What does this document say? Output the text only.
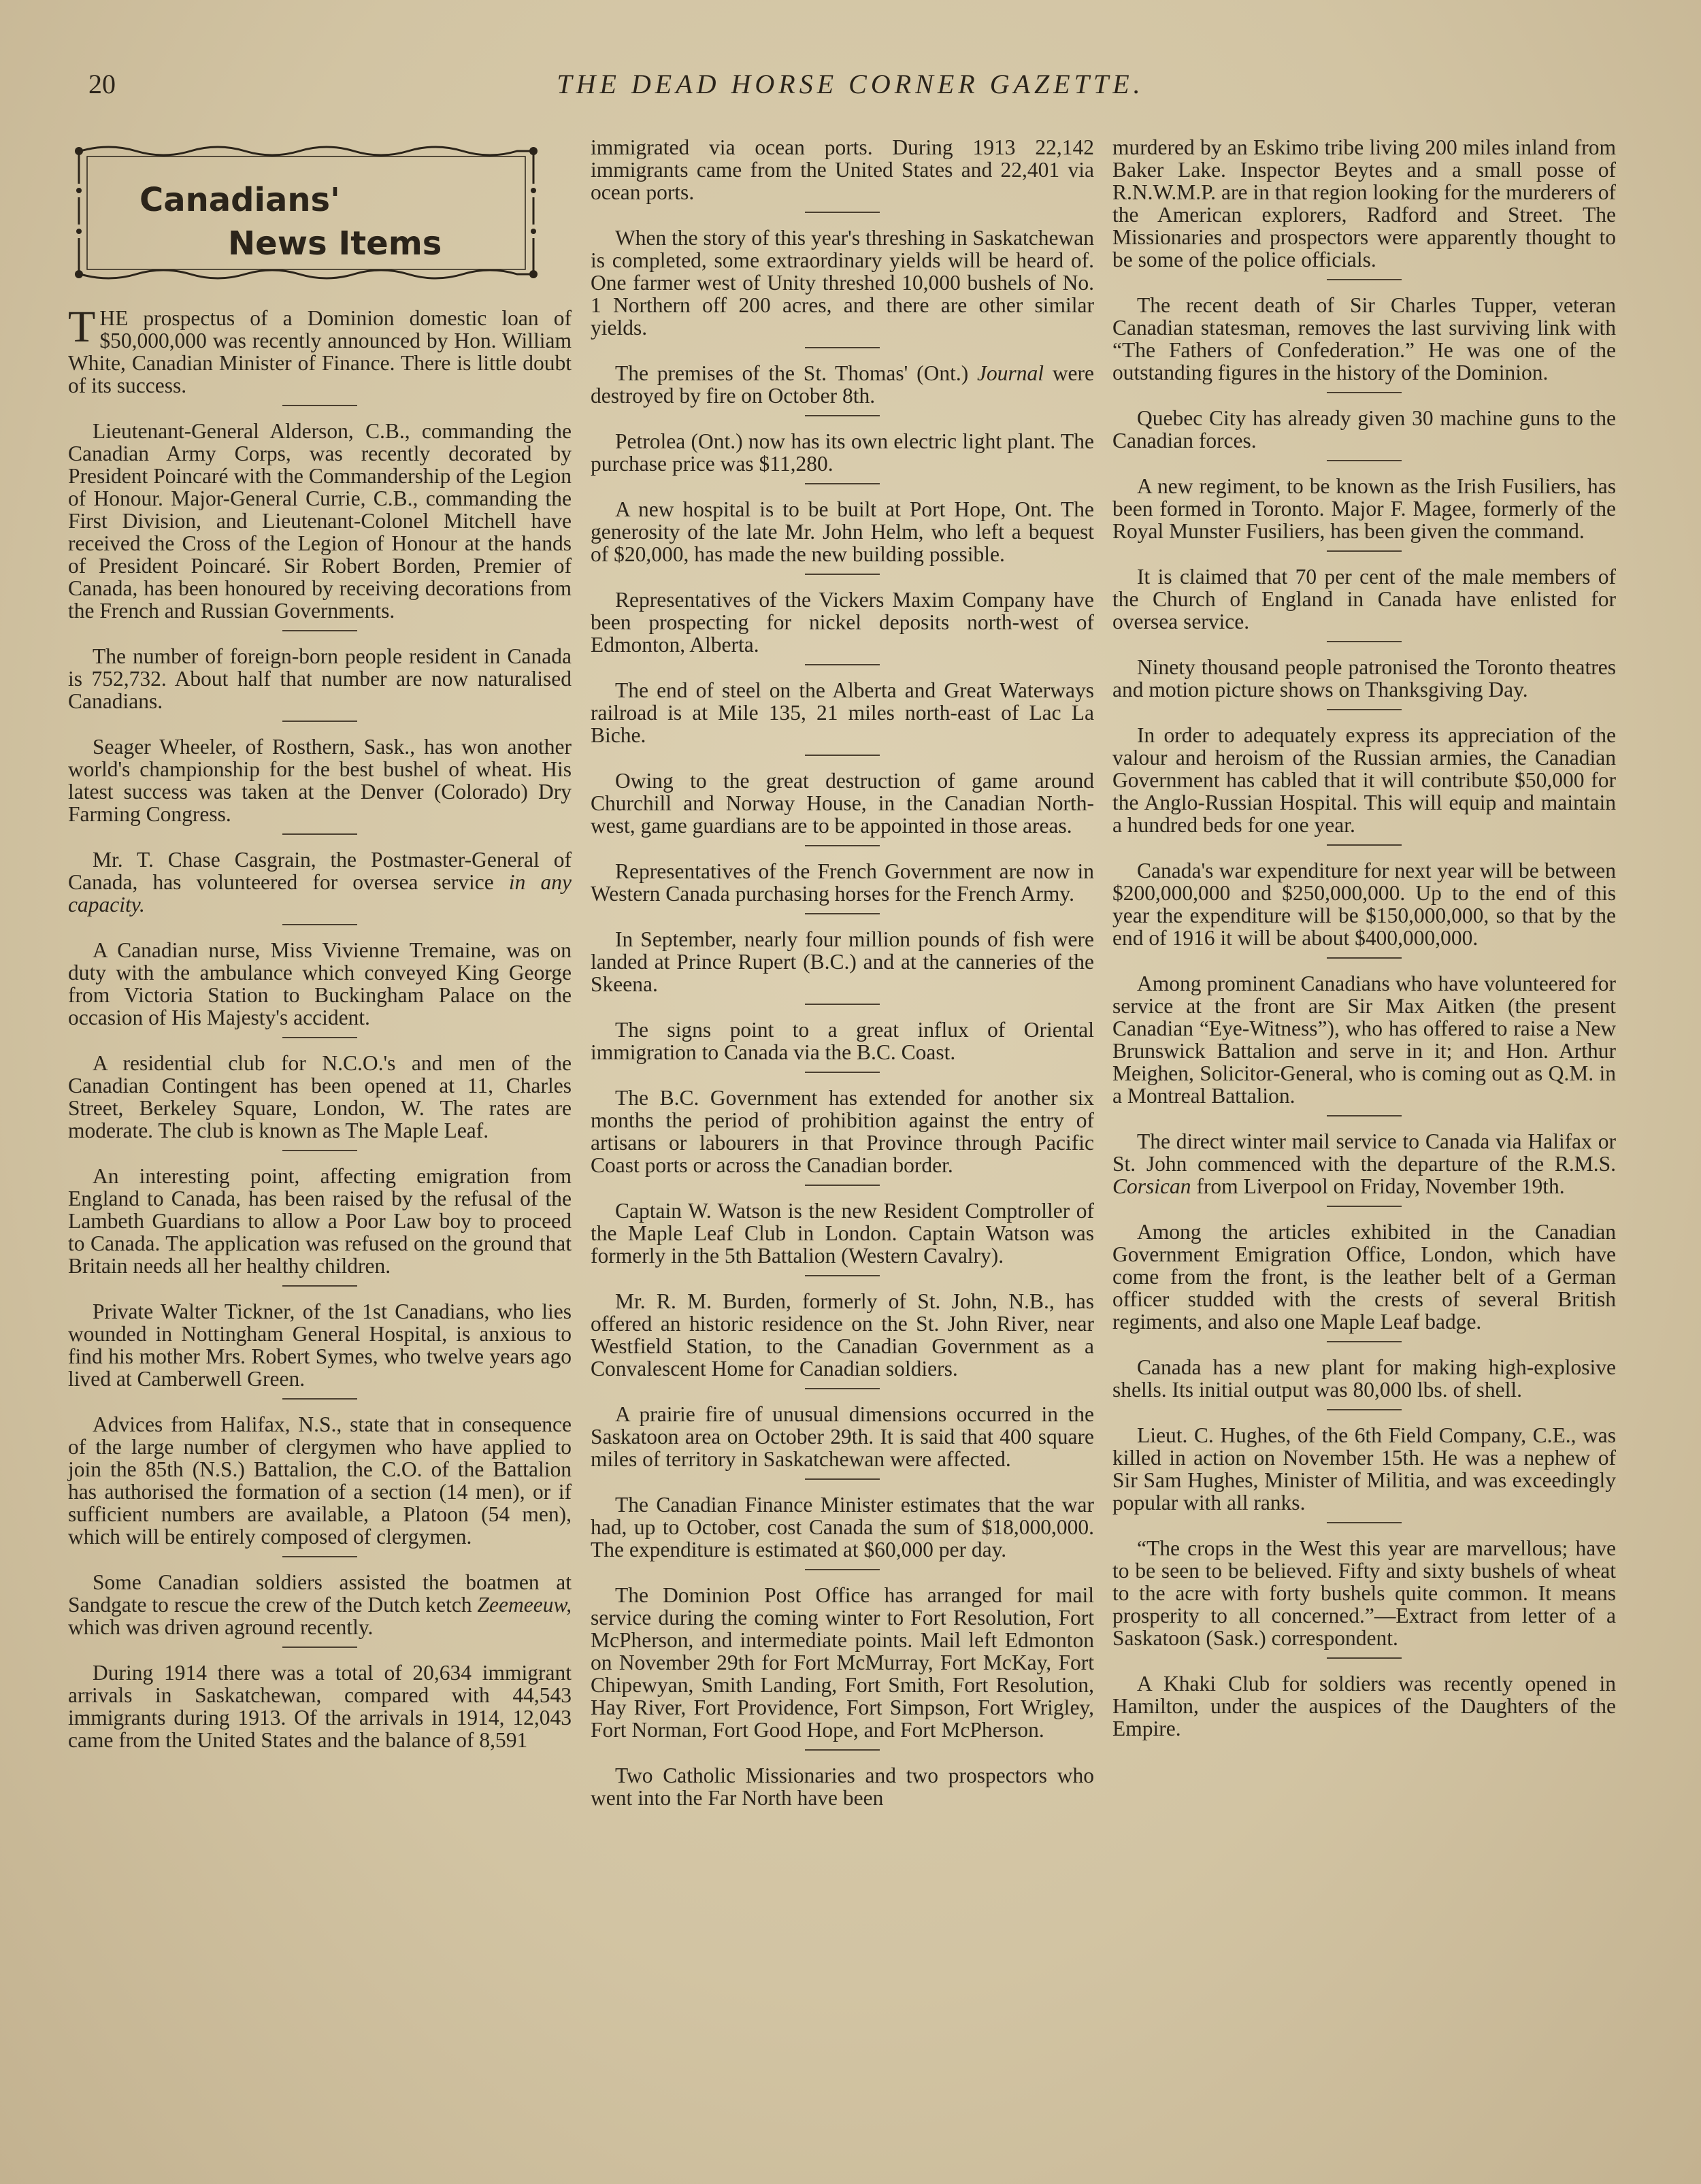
20	THE DEAD HORSE CORNER GAZETTE.
Canadians'
News Items

THE prospectus of a Dominion domestic loan of $50,000,000 was recently announced by Hon. William White, Canadian Minister of Finance. There is little doubt of its success.

Lieutenant-General Alderson, C.B., commanding the Canadian Army Corps, was recently decorated by President Poincaré with the Commandership of the Legion of Honour. Major-General Currie, C.B., commanding the First Division, and Lieutenant-Colonel Mitchell have received the Cross of the Legion of Honour at the hands of President Poincaré. Sir Robert Borden, Premier of Canada, has been honoured by receiving decorations from the French and Russian Governments.

The number of foreign-born people resident in Canada is 752,732. About half that number are now naturalised Canadians.

Seager Wheeler, of Rosthern, Sask., has won another world's championship for the best bushel of wheat. His latest success was taken at the Denver (Colorado) Dry Farming Congress.

Mr. T. Chase Casgrain, the Postmaster-General of Canada, has volunteered for oversea service in any capacity.

A Canadian nurse, Miss Vivienne Tremaine, was on duty with the ambulance which conveyed King George from Victoria Station to Buckingham Palace on the occasion of His Majesty's accident.

A residential club for N.C.O.'s and men of the Canadian Contingent has been opened at 11, Charles Street, Berkeley Square, London, W. The rates are moderate. The club is known as The Maple Leaf.

An interesting point, affecting emigration from England to Canada, has been raised by the refusal of the Lambeth Guardians to allow a Poor Law boy to proceed to Canada. The application was refused on the ground that Britain needs all her healthy children.

Private Walter Tickner, of the 1st Canadians, who lies wounded in Nottingham General Hospital, is anxious to find his mother Mrs. Robert Symes, who twelve years ago lived at Camberwell Green.

Advices from Halifax, N.S., state that in consequence of the large number of clergymen who have applied to join the 85th (N.S.) Battalion, the C.O. of the Battalion has authorised the formation of a section (14 men), or if sufficient numbers are available, a Platoon (54 men), which will be entirely composed of clergymen.

Some Canadian soldiers assisted the boatmen at Sandgate to rescue the crew of the Dutch ketch Zeemeeuw, which was driven aground recently.

During 1914 there was a total of 20,634 immigrant arrivals in Saskatchewan, compared with 44,543 immigrants during 1913. Of the arrivals in 1914, 12,043 came from the United States and the balance of 8,591

immigrated via ocean ports. During 1913 22,142 immigrants came from the United States and 22,401 via ocean ports.

When the story of this year's threshing in Saskatchewan is completed, some extraordinary yields will be heard of. One farmer west of Unity threshed 10,000 bushels of No. 1 Northern off 200 acres, and there are other similar yields.

The premises of the St. Thomas' (Ont.) Journal were destroyed by fire on October 8th.

Petrolea (Ont.) now has its own electric light plant. The purchase price was $11,280.

A new hospital is to be built at Port Hope, Ont. The generosity of the late Mr. John Helm, who left a bequest of $20,000, has made the new building possible.

Representatives of the Vickers Maxim Company have been prospecting for nickel deposits north-west of Edmonton, Alberta.

The end of steel on the Alberta and Great Waterways railroad is at Mile 135, 21 miles north-east of Lac La Biche.

Owing to the great destruction of game around Churchill and Norway House, in the Canadian North-west, game guardians are to be appointed in those areas.

Representatives of the French Government are now in Western Canada purchasing horses for the French Army.

In September, nearly four million pounds of fish were landed at Prince Rupert (B.C.) and at the canneries of the Skeena.

The signs point to a great influx of Oriental immigration to Canada via the B.C. Coast.

The B.C. Government has extended for another six months the period of prohibition against the entry of artisans or labourers in that Province through Pacific Coast ports or across the Canadian border.

Captain W. Watson is the new Resident Comptroller of the Maple Leaf Club in London. Captain Watson was formerly in the 5th Battalion (Western Cavalry).

Mr. R. M. Burden, formerly of St. John, N.B., has offered an historic residence on the St. John River, near Westfield Station, to the Canadian Government as a Convalescent Home for Canadian soldiers.

A prairie fire of unusual dimensions occurred in the Saskatoon area on October 29th. It is said that 400 square miles of territory in Saskatchewan were affected.

The Canadian Finance Minister estimates that the war had, up to October, cost Canada the sum of $18,000,000. The expenditure is estimated at $60,000 per day.

The Dominion Post Office has arranged for mail service during the coming winter to Fort Resolution, Fort McPherson, and intermediate points. Mail left Edmonton on November 29th for Fort McMurray, Fort McKay, Fort Chipewyan, Smith Landing, Fort Smith, Fort Resolution, Hay River, Fort Providence, Fort Simpson, Fort Wrigley, Fort Norman, Fort Good Hope, and Fort McPherson.

Two Catholic Missionaries and two prospectors who went into the Far North have been

murdered by an Eskimo tribe living 200 miles inland from Baker Lake. Inspector Beytes and a small posse of R.N.W.M.P. are in that region looking for the murderers of the American explorers, Radford and Street. The Missionaries and prospectors were apparently thought to be some of the police officials.

The recent death of Sir Charles Tupper, veteran Canadian statesman, removes the last surviving link with “The Fathers of Confederation.” He was one of the outstanding figures in the history of the Dominion.

Quebec City has already given 30 machine guns to the Canadian forces.

A new regiment, to be known as the Irish Fusiliers, has been formed in Toronto. Major F. Magee, formerly of the Royal Munster Fusiliers, has been given the command.

It is claimed that 70 per cent of the male members of the Church of England in Canada have enlisted for oversea service.

Ninety thousand people patronised the Toronto theatres and motion picture shows on Thanksgiving Day.

In order to adequately express its appreciation of the valour and heroism of the Russian armies, the Canadian Government has cabled that it will contribute $50,000 for the Anglo-Russian Hospital. This will equip and maintain a hundred beds for one year.

Canada's war expenditure for next year will be between $200,000,000 and $250,000,000. Up to the end of this year the expenditure will be $150,000,000, so that by the end of 1916 it will be about $400,000,000.

Among prominent Canadians who have volunteered for service at the front are Sir Max Aitken (the present Canadian “Eye-Witness”), who has offered to raise a New Brunswick Battalion and serve in it; and Hon. Arthur Meighen, Solicitor-General, who is coming out as Q.M. in a Montreal Battalion.

The direct winter mail service to Canada via Halifax or St. John commenced with the departure of the R.M.S. Corsican from Liverpool on Friday, November 19th.

Among the articles exhibited in the Canadian Government Emigration Office, London, which have come from the front, is the leather belt of a German officer studded with the crests of several British regiments, and also one Maple Leaf badge.

Canada has a new plant for making high-explosive shells. Its initial output was 80,000 lbs. of shell.

Lieut. C. Hughes, of the 6th Field Company, C.E., was killed in action on November 15th. He was a nephew of Sir Sam Hughes, Minister of Militia, and was exceedingly popular with all ranks.

“The crops in the West this year are marvellous; have to be seen to be believed. Fifty and sixty bushels of wheat to the acre with forty bushels quite common. It means prosperity to all concerned.”—Extract from letter of a Saskatoon (Sask.) correspondent.

A Khaki Club for soldiers was recently opened in Hamilton, under the auspices of the Daughters of the Empire.
